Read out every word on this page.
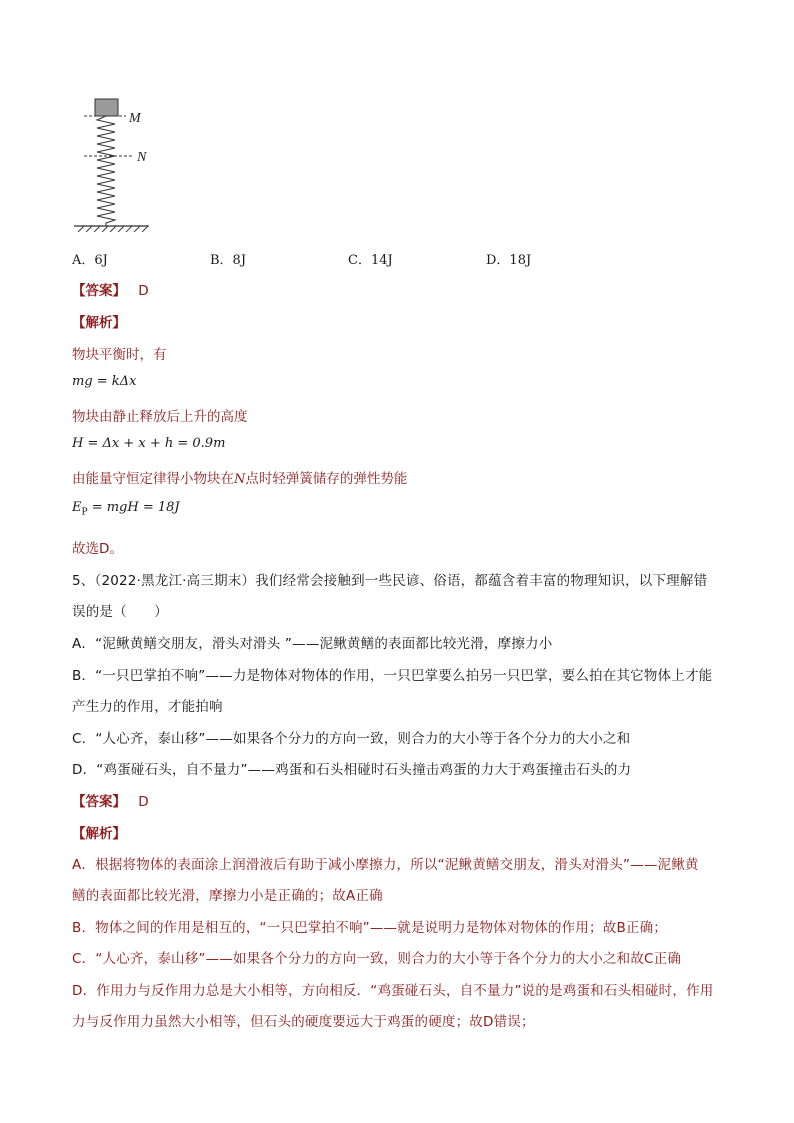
M
N
A．6J	B．8J	C．14J	D．18J
【答案】 D
【解析】
物块平衡时，有
mg = kΔx
物块由静止释放后上升的高度
H = Δx + x + h = 0.9m
由能量守恒定律得小物块在N点时轻弹簧储存的弹性势能
$E_P$ = mgH = 18J
故选D。
5、（2022·黑龙江·高三期末）我们经常会接触到一些民谚、俗语，都蕴含着丰富的物理知识，以下理解错
误的是（　　）
A．“泥鳅黄鳝交朋友，滑头对滑头 ”——泥鳅黄鳝的表面都比较光滑，摩擦力小
B．“一只巴掌拍不响”——力是物体对物体的作用，一只巴掌要么拍另一只巴掌，要么拍在其它物体上才能
产生力的作用，才能拍响
C．“人心齐，泰山移”——如果各个分力的方向一致，则合力的大小等于各个分力的大小之和
D．“鸡蛋碰石头，自不量力”——鸡蛋和石头相碰时石头撞击鸡蛋的力大于鸡蛋撞击石头的力
【答案】 D
【解析】
A．根据将物体的表面涂上润滑液后有助于减小摩擦力，所以“泥鳅黄鳝交朋友，滑头对滑头”——泥鳅黄
鳝的表面都比较光滑，摩擦力小是正确的；故A正确
B．物体之间的作用是相互的，“一只巴掌拍不响”——就是说明力是物体对物体的作用；故B正确；
C．“人心齐，泰山移”——如果各个分力的方向一致，则合力的大小等于各个分力的大小之和故C正确
D．作用力与反作用力总是大小相等，方向相反．“鸡蛋碰石头，自不量力”说的是鸡蛋和石头相碰时，作用
力与反作用力虽然大小相等，但石头的硬度要远大于鸡蛋的硬度；故D错误；
